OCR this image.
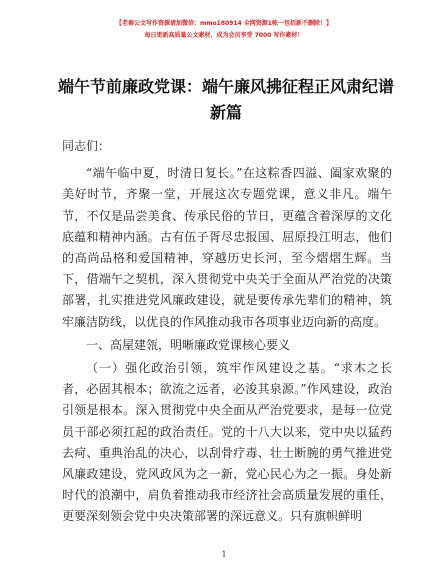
【老秦公文写作资源请加微信：mmo180914 全网资源1帐一包括新不删除！】
每日更新高质量公文素材，成为会员享受 7000 写作素材！
端午节前廉政党课：端午廉风拂征程正风肃纪谱新篇

同志们：

“端午临中夏，时清日复长。”在这粽香四溢、阖家欢聚的美好时节，齐聚一堂，开展这次专题党课，意义非凡。端午节，不仅是品尝美食、传承民俗的节日，更蕴含着深厚的文化底蕴和精神内涵。古有伍子胥尽忠报国、屈原投江明志，他们的高尚品格和爱国精神，穿越历史长河，至今熠熠生辉。当下，借端午之契机，深入贯彻党中央关于全面从严治党的决策部署，扎实推进党风廉政建设，就是要传承先辈们的精神，筑牢廉洁防线，以优良的作风推动我市各项事业迈向新的高度。

一、高屋建瓴，明晰廉政党课核心要义

（一）强化政治引领，筑牢作风建设之基。“求木之长者，必固其根本；欲流之远者，必浚其泉源。”作风建设，政治引领是根本。深入贯彻党中央全面从严治党要求，是每一位党员干部必须扛起的政治责任。党的十八大以来，党中央以猛药去疴、重典治乱的决心，以刮骨疗毒、壮士断腕的勇气推进党风廉政建设，党风政风为之一新，党心民心为之一振。身处新时代的浪潮中，肩负着推动我市经济社会高质量发展的重任，更要深刻领会党中央决策部署的深远意义。只有旗帜鲜明

1
